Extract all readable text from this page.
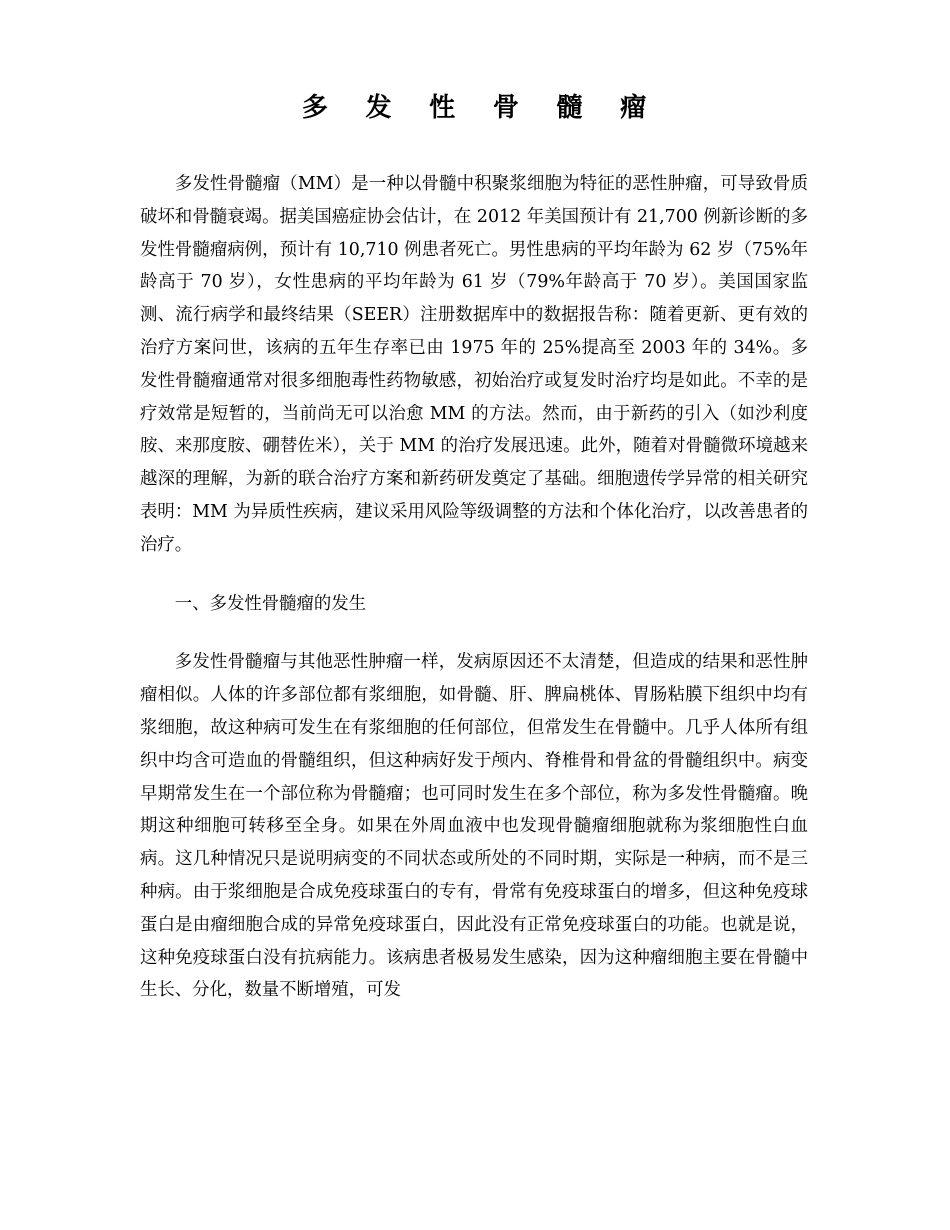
多 发 性 骨 髓 瘤

多发性骨髓瘤（MM）是一种以骨髓中积聚浆细胞为特征的恶性肿瘤，可导致骨质破坏和骨髓衰竭。据美国癌症协会估计，在 2012 年美国预计有 21,700 例新诊断的多发性骨髓瘤病例，预计有 10,710 例患者死亡。男性患病的平均年龄为 62 岁（75%年龄高于 70 岁），女性患病的平均年龄为 61 岁（79%年龄高于 70 岁）。美国国家监测、流行病学和最终结果（SEER）注册数据库中的数据报告称：随着更新、更有效的治疗方案问世，该病的五年生存率已由 1975 年的 25%提高至 2003 年的 34%。多发性骨髓瘤通常对很多细胞毒性药物敏感，初始治疗或复发时治疗均是如此。不幸的是疗效常是短暂的，当前尚无可以治愈 MM 的方法。然而，由于新药的引入（如沙利度胺、来那度胺、硼替佐米），关于 MM 的治疗发展迅速。此外，随着对骨髓微环境越来越深的理解，为新的联合治疗方案和新药研发奠定了基础。细胞遗传学异常的相关研究表明：MM 为异质性疾病，建议采用风险等级调整的方法和个体化治疗，以改善患者的治疗。

一、多发性骨髓瘤的发生

多发性骨髓瘤与其他恶性肿瘤一样，发病原因还不太清楚，但造成的结果和恶性肿瘤相似。人体的许多部位都有浆细胞，如骨髓、肝、脾扁桃体、胃肠粘膜下组织中均有浆细胞，故这种病可发生在有浆细胞的任何部位，但常发生在骨髓中。几乎人体所有组织中均含可造血的骨髓组织，但这种病好发于颅内、脊椎骨和骨盆的骨髓组织中。病变早期常发生在一个部位称为骨髓瘤；也可同时发生在多个部位，称为多发性骨髓瘤。晚期这种细胞可转移至全身。如果在外周血液中也发现骨髓瘤细胞就称为浆细胞性白血病。这几种情况只是说明病变的不同状态或所处的不同时期，实际是一种病，而不是三种病。由于浆细胞是合成免疫球蛋白的专有，骨常有免疫球蛋白的增多，但这种免疫球蛋白是由瘤细胞合成的异常免疫球蛋白，因此没有正常免疫球蛋白的功能。也就是说，这种免疫球蛋白没有抗病能力。该病患者极易发生感染，因为这种瘤细胞主要在骨髓中生长、分化，数量不断增殖，可发
